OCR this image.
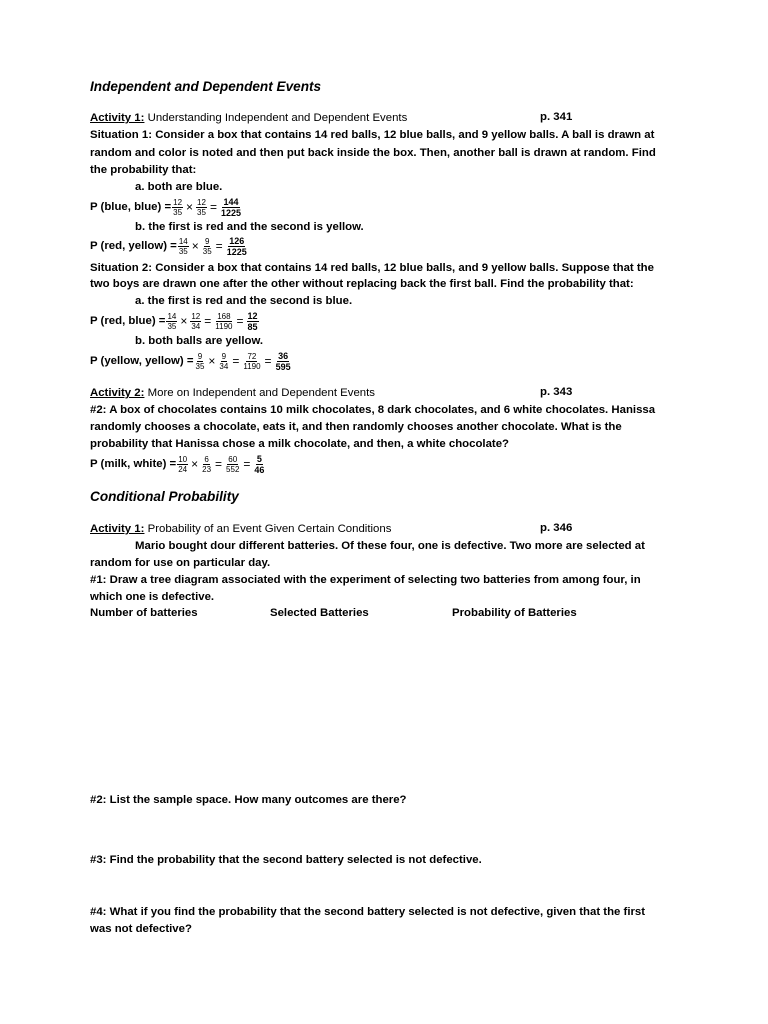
Independent and Dependent Events
Activity 1: Understanding Independent and Dependent Events	p. 341
Situation 1: Consider a box that contains 14 red balls, 12 blue balls, and 9 yellow balls. A ball is drawn at
random and color is noted and then put back inside the box. Then, another ball is drawn at random. Find
the probability that:
a. both are blue.
P (blue, blue) = $\frac{12}{35} \times \frac{12}{35} = \frac{144}{1225}$
b. the first is red and the second is yellow.
P (red, yellow) = $\frac{14}{35} \times \frac{9}{35} = \frac{126}{1225}$
Situation 2: Consider a box that contains 14 red balls, 12 blue balls, and 9 yellow balls. Suppose that the
two boys are drawn one after the other without replacing back the first ball. Find the probability that:
a. the first is red and the second is blue.
P (red, blue) = $\frac{14}{35} \times \frac{12}{34} = \frac{168}{1190} = \frac{12}{85}$
b. both balls are yellow.
P (yellow, yellow) = $\frac{9}{35} \times \frac{9}{34} = \frac{72}{1190} = \frac{36}{595}$
Activity 2: More on Independent and Dependent Events	p. 343
#2: A box of chocolates contains 10 milk chocolates, 8 dark chocolates, and 6 white chocolates. Hanissa
randomly chooses a chocolate, eats it, and then randomly chooses another chocolate. What is the
probability that Hanissa chose a milk chocolate, and then, a white chocolate?
P (milk, white) = $\frac{10}{24} \times \frac{6}{23} = \frac{60}{552} = \frac{5}{46}$
Conditional Probability
Activity 1: Probability of an Event Given Certain Conditions	p. 346
Mario bought dour different batteries. Of these four, one is defective. Two more are selected at
random for use on particular day.
#1: Draw a tree diagram associated with the experiment of selecting two batteries from among four, in
which one is defective.
Number of batteries	Selected Batteries	Probability of Batteries
#2: List the sample space. How many outcomes are there?
#3: Find the probability that the second battery selected is not defective.
#4: What if you find the probability that the second battery selected is not defective, given that the first
was not defective?
